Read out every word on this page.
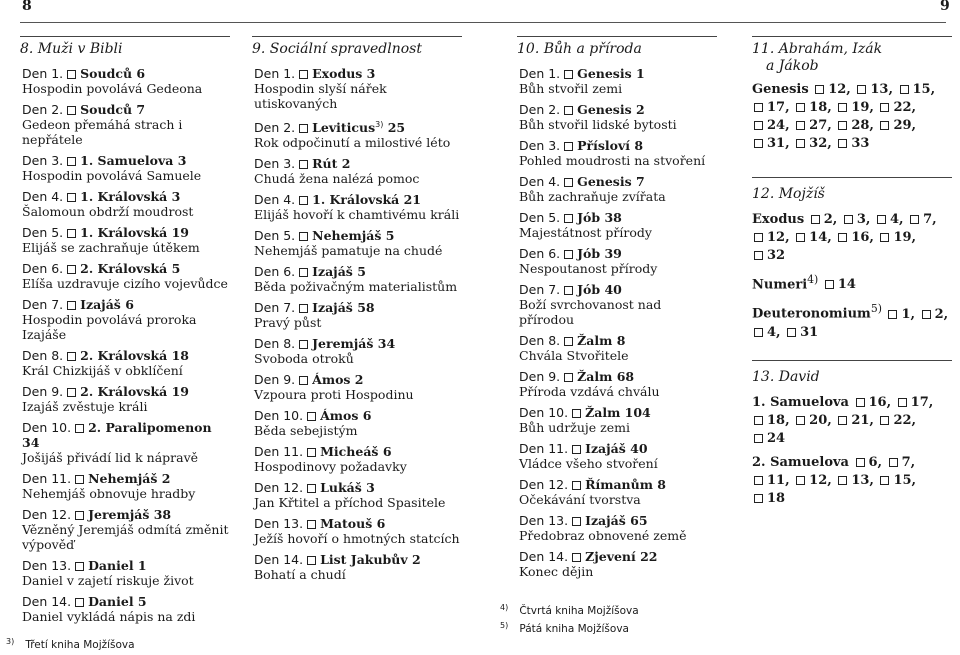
8	9
8. Muži v Bibli
Den 1. Soudců 6
Hospodin povolává Gedeona
Den 2. Soudců 7
Gedeon přemáhá strach i nepřátele
Den 3. 1. Samuelova 3
Hospodin povolává Samuele
Den 4. 1. Královská 3
Šalomoun obdrží moudrost
Den 5. 1. Královská 19
Elijáš se zachraňuje útěkem
Den 6. 2. Královská 5
Elíša uzdravuje cizího vojevůdce
Den 7. Izajáš 6
Hospodin povolává proroka Izajáše
Den 8. 2. Královská 18
Král Chizkijáš v obklíčení
Den 9. 2. Královská 19
Izajáš zvěstuje králi
Den 10. 2. Paralipomenon 34
Jošijáš přivádí lid k nápravě
Den 11. Nehemjáš 2
Nehemjáš obnovuje hradby
Den 12. Jeremjáš 38
Vězněný Jeremjáš odmítá změnit výpověď
Den 13. Daniel 1
Daniel v zajetí riskuje život
Den 14. Daniel 5
Daniel vykládá nápis na zdi
9. Sociální spravedlnost
Den 1. Exodus 3
Hospodin slyší nářek utiskovaných
Den 2. Leviticus$^{3)}$ 25
Rok odpočinutí a milostivé léto
Den 3. Rút 2
Chudá žena nalézá pomoc
Den 4. 1. Královská 21
Elijáš hovoří k chamtivému králi
Den 5. Nehemjáš 5
Nehemjáš pamatuje na chudé
Den 6. Izajáš 5
Běda poživačným materialistům
Den 7. Izajáš 58
Pravý půst
Den 8. Jeremjáš 34
Svoboda otroků
Den 9. Ámos 2
Vzpoura proti Hospodinu
Den 10. Ámos 6
Běda sebejistým
Den 11. Micheáš 6
Hospodinovy požadavky
Den 12. Lukáš 3
Jan Křtitel a příchod Spasitele
Den 13. Matouš 6
Ježíš hovoří o hmotných statcích
Den 14. List Jakubův 2
Bohatí a chudí
10. Bůh a příroda
Den 1. Genesis 1
Bůh stvořil zemi
Den 2. Genesis 2
Bůh stvořil lidské bytosti
Den 3. Přísloví 8
Pohled moudrosti na stvoření
Den 4. Genesis 7
Bůh zachraňuje zvířata
Den 5. Jób 38
Majestátnost přírody
Den 6. Jób 39
Nespoutanost přírody
Den 7. Jób 40
Boží svrchovanost nad přírodou
Den 8. Žalm 8
Chvála Stvořitele
Den 9. Žalm 68
Příroda vzdává chválu
Den 10. Žalm 104
Bůh udržuje zemi
Den 11. Izajáš 40
Vládce všeho stvoření
Den 12. Římanům 8
Očekávání tvorstva
Den 13. Izajáš 65
Předobraz obnovené země
Den 14. Zjevení 22
Konec dějin
11. Abrahám, Izák
a Jákob
Genesis 12, 13, 15, 17, 18, 19, 22, 24, 27, 28, 29, 31, 32, 33
12. Mojžíš
Exodus 2, 3, 4, 7, 12, 14, 16, 19, 32
Numeri$^{4)}$ 14
Deuteronomium$^{5)}$ 1, 2, 4, 31
13. David
1. Samuelova 16, 17, 18, 20, 21, 22, 24
2. Samuelova 6, 7, 11, 12, 13, 15, 18
3) Třetí kniha Mojžíšova
4) Čtvrtá kniha Mojžíšova
5) Pátá kniha Mojžíšova
